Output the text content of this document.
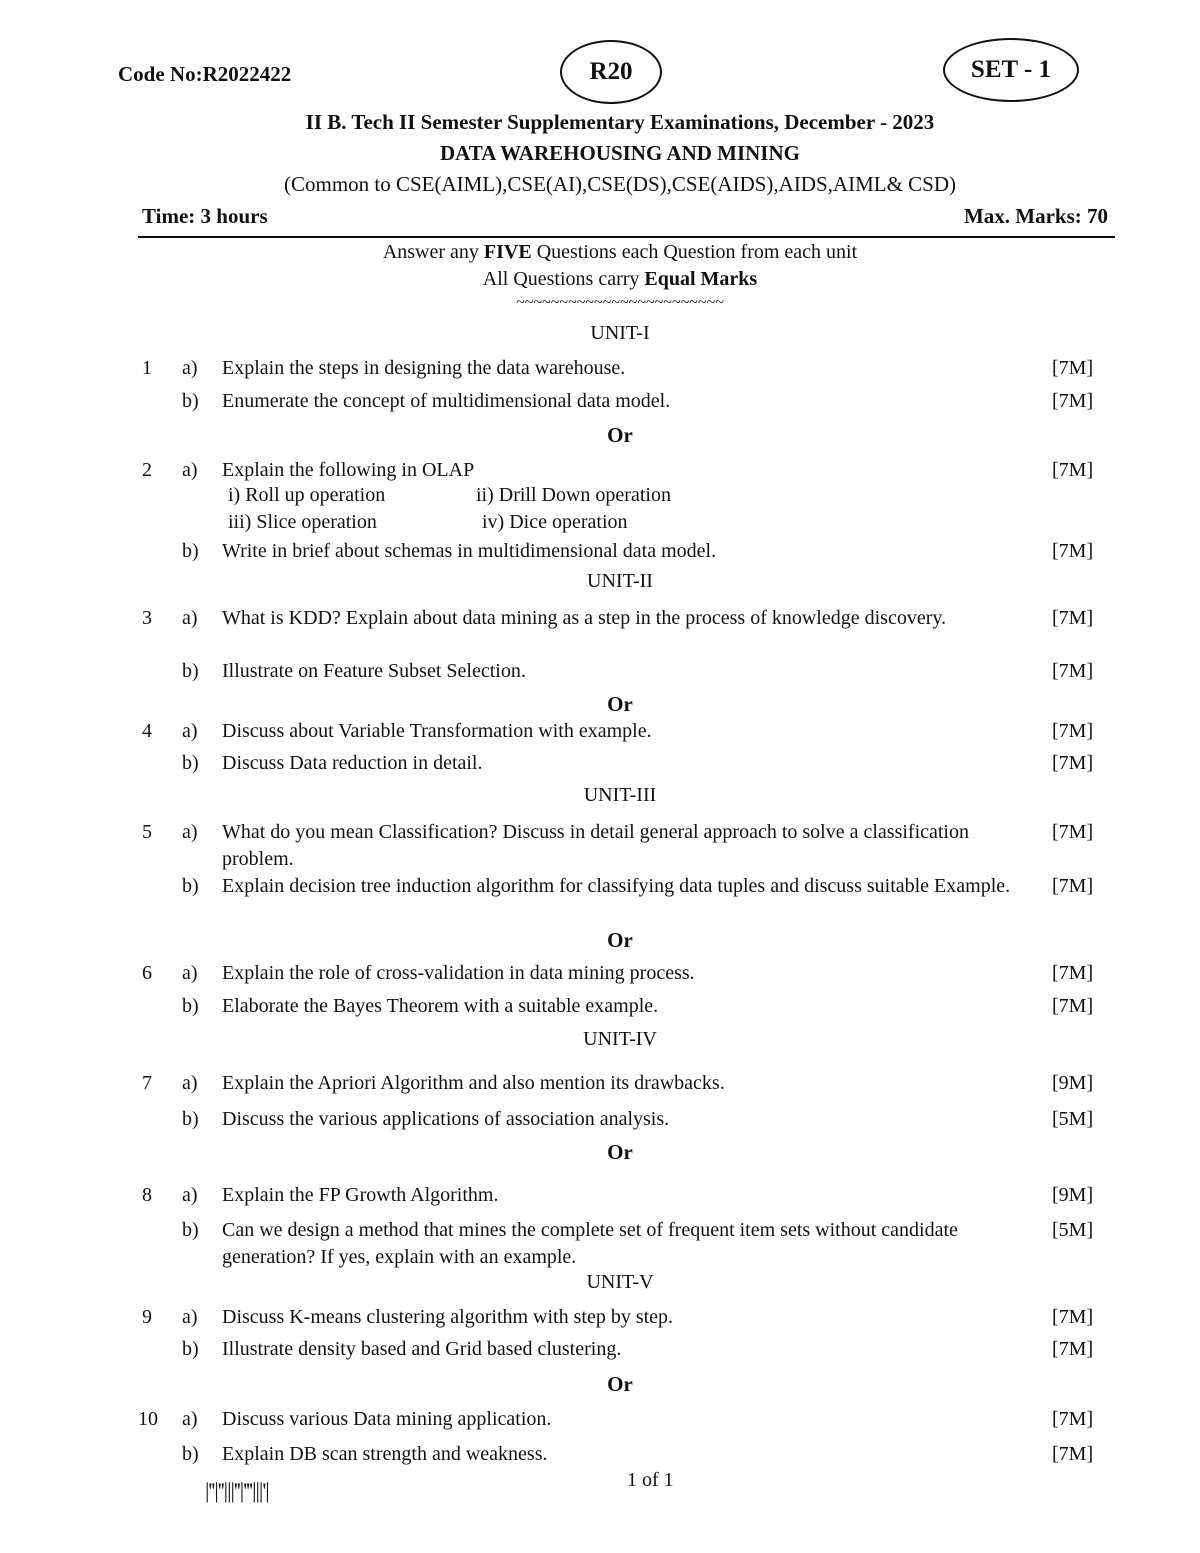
Code No:R2022422	R20	SET - 1
II B. Tech II Semester Supplementary Examinations, December - 2023
DATA WAREHOUSING AND MINING
(Common to CSE(AIML),CSE(AI),CSE(DS),CSE(AIDS),AIDS,AIML& CSD)
Time: 3 hours	Max. Marks: 70
Answer any FIVE Questions each Question from each unit
All Questions carry Equal Marks
~~~~~~~~~~~~~~~~~~~~~~~~
UNIT-I
1 a) Explain the steps in designing the data warehouse.	[7M]
b) Enumerate the concept of multidimensional data model.	[7M]
Or
2 a) Explain the following in OLAP	[7M]
i) Roll up operation	ii) Drill Down operation
iii) Slice operation	iv) Dice operation
b) Write in brief about schemas in multidimensional data model.	[7M]
UNIT-II
3 a) What is KDD? Explain about data mining as a step in the process of knowledge discovery.	[7M]
b) Illustrate on Feature Subset Selection.	[7M]
Or
4 a) Discuss about Variable Transformation with example.	[7M]
b) Discuss Data reduction in detail.	[7M]
UNIT-III
5 a) What do you mean Classification? Discuss in detail general approach to solve a classification problem.
[7M]
b) Explain decision tree induction algorithm for classifying data tuples and discuss suitable Example.	[7M]
Or
6 a) Explain the role of cross-validation in data mining process.	[7M]
b) Elaborate the Bayes Theorem with a suitable example.	[7M]
UNIT-IV
7 a) Explain the Apriori Algorithm and also mention its drawbacks.	[9M]
b) Discuss the various applications of association analysis.	[5M]
Or
8 a) Explain the FP Growth Algorithm.	[9M]
b) Can we design a method that mines the complete set of frequent item sets without candidate generation? If yes, explain with an example.
[5M]
UNIT-V
9 a) Discuss K-means clustering algorithm with step by step.	[7M]
b) Illustrate density based and Grid based clustering.	[7M]
Or
10 a) Discuss various Data mining application.	[7M]
b) Explain DB scan strength and weakness.	[7M]
|''|''|||''|'''|||'|	1 of 1
